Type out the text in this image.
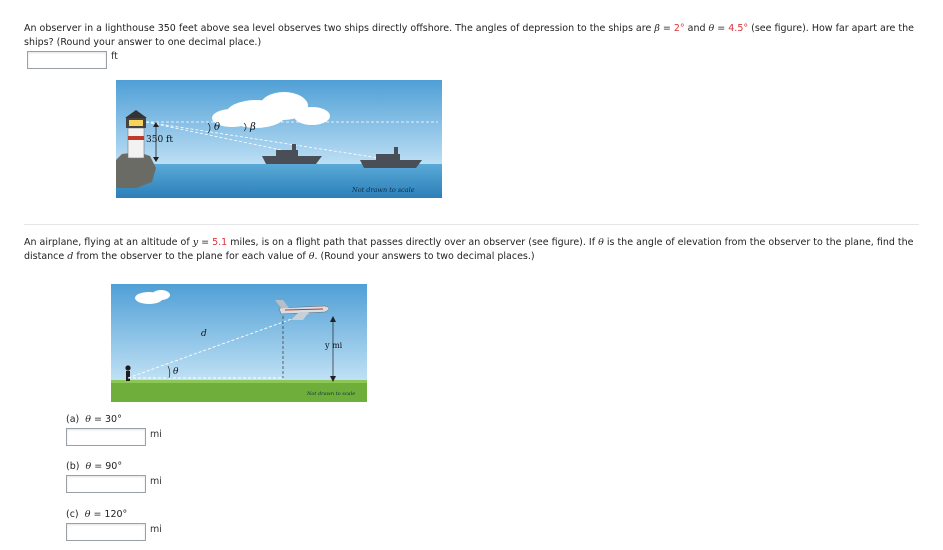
An observer in a lighthouse 350 feet above sea level observes two ships directly offshore. The angles of depression to the ships are β = 2° and θ = 4.5° (see figure). How far apart are the ships? (Round your answer to one decimal place.)
ft
350 ft
θ	β
Not drawn to scale
An airplane, flying at an altitude of y = 5.1 miles, is on a flight path that passes directly over an observer (see figure). If θ is the angle of elevation from the observer to the plane, find the distance d from the observer to the plane for each value of θ. (Round your answers to two decimal places.)
θ
d
y mi
Not drawn to scale
(a) θ = 30°
mi
(b) θ = 90°
mi
(c) θ = 120°
mi
